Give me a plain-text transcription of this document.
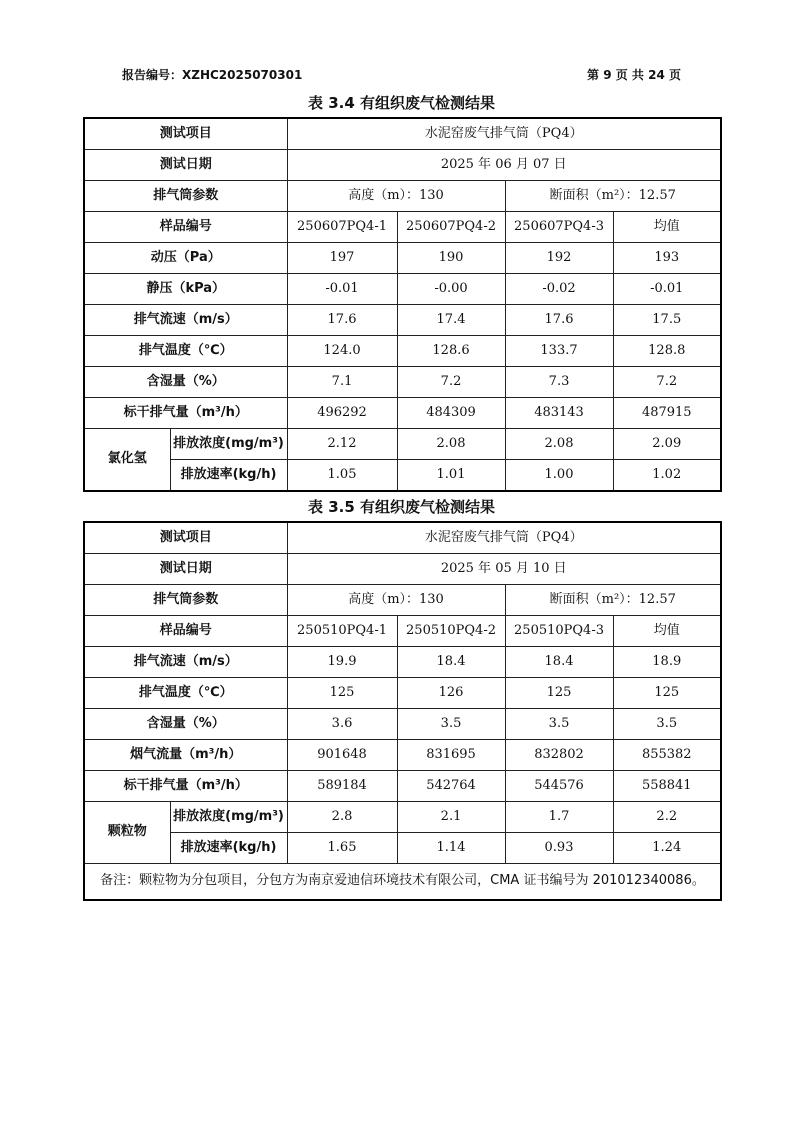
报告编号：XZHC2025070301	第 9 页 共 24 页
表 3.4 有组织废气检测结果
测试项目		水泥窑废气排气筒（PQ4）			
测试日期		2025 年 06 月 07 日			
排气筒参数		高度（m）：130		断面积（m²）：12.57	
样品编号		250607PQ4-1	250607PQ4-2	250607PQ4-3	均值
动压（Pa）		197	190	192	193
静压（kPa）		-0.01	-0.00	-0.02	-0.01
排气流速（m/s）		17.6	17.4	17.6	17.5
排气温度（℃）		124.0	128.6	133.7	128.8
含湿量（%）		7.1	7.2	7.3	7.2
标干排气量（m³/h）		496292	484309	483143	487915
氯化氢	排放浓度(mg/m³)	2.12	2.08	2.08	2.09
	排放速率(kg/h)	1.05	1.01	1.00	1.02
表 3.5 有组织废气检测结果
测试项目		水泥窑废气排气筒（PQ4）			
测试日期		2025 年 05 月 10 日			
排气筒参数		高度（m）：130		断面积（m²）：12.57	
样品编号		250510PQ4-1	250510PQ4-2	250510PQ4-3	均值
排气流速（m/s）		19.9	18.4	18.4	18.9
排气温度（℃）		125	126	125	125
含湿量（%）		3.6	3.5	3.5	3.5
烟气流量（m³/h）		901648	831695	832802	855382
标干排气量（m³/h）		589184	542764	544576	558841
颗粒物	排放浓度(mg/m³)	2.8	2.1	1.7	2.2
	排放速率(kg/h)	1.65	1.14	0.93	1.24
备注：颗粒物为分包项目，分包方为南京爱迪信环境技术有限公司，CMA 证书编号为 201012340086。					
